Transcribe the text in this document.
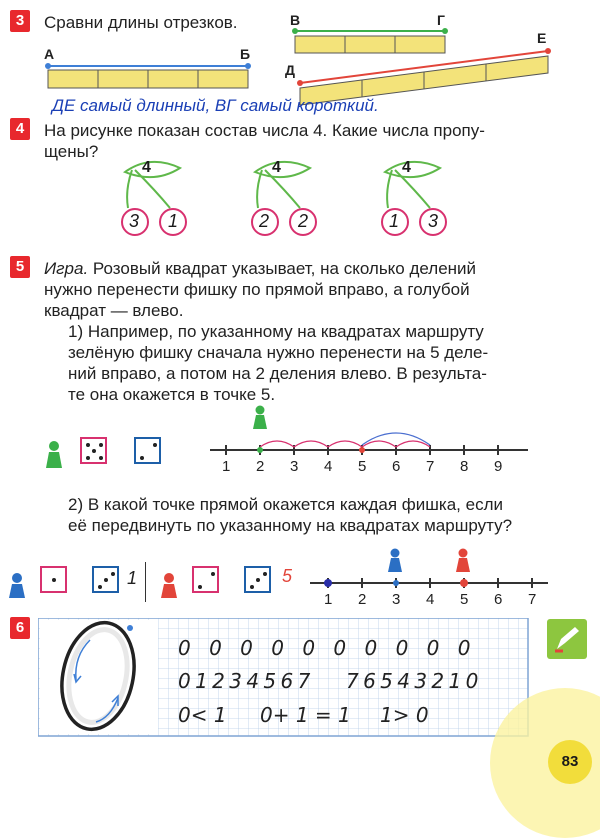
3	Сравни длины отрезков.
А	Б
В	Г
Д
Е
ДЕ самый длинный, ВГ самый короткий.
4	На рисунке показан состав числа 4. Какие числа пропу-
щены?
4
3 1
4
2 2
4
1 3
5	Игра. Розовый квадрат указывает, на сколько делений
нужно перенести фишку по прямой вправо, а голубой
квадрат — влево.
1) Например, по указанному на квадратах маршруту
зелёную фишку сначала нужно перенести на 5 деле-
ний вправо, а потом на 2 деления влево. В результа-
те она окажется в точке 5.
1 2 3 4 5 6 7 8 9
2) В какой точке прямой окажется каждая фишка, если
её передвинуть по указанному на квадратах маршруту?
1	5
1 2 3 4 5 6 7
6
0 0 0 0 0 0 0 0 0 0
0 1 2 3 4 5 6 7 7 6 5 4 3 2 1 0
0< 1 0+ 1 = 1 1> 0
83
